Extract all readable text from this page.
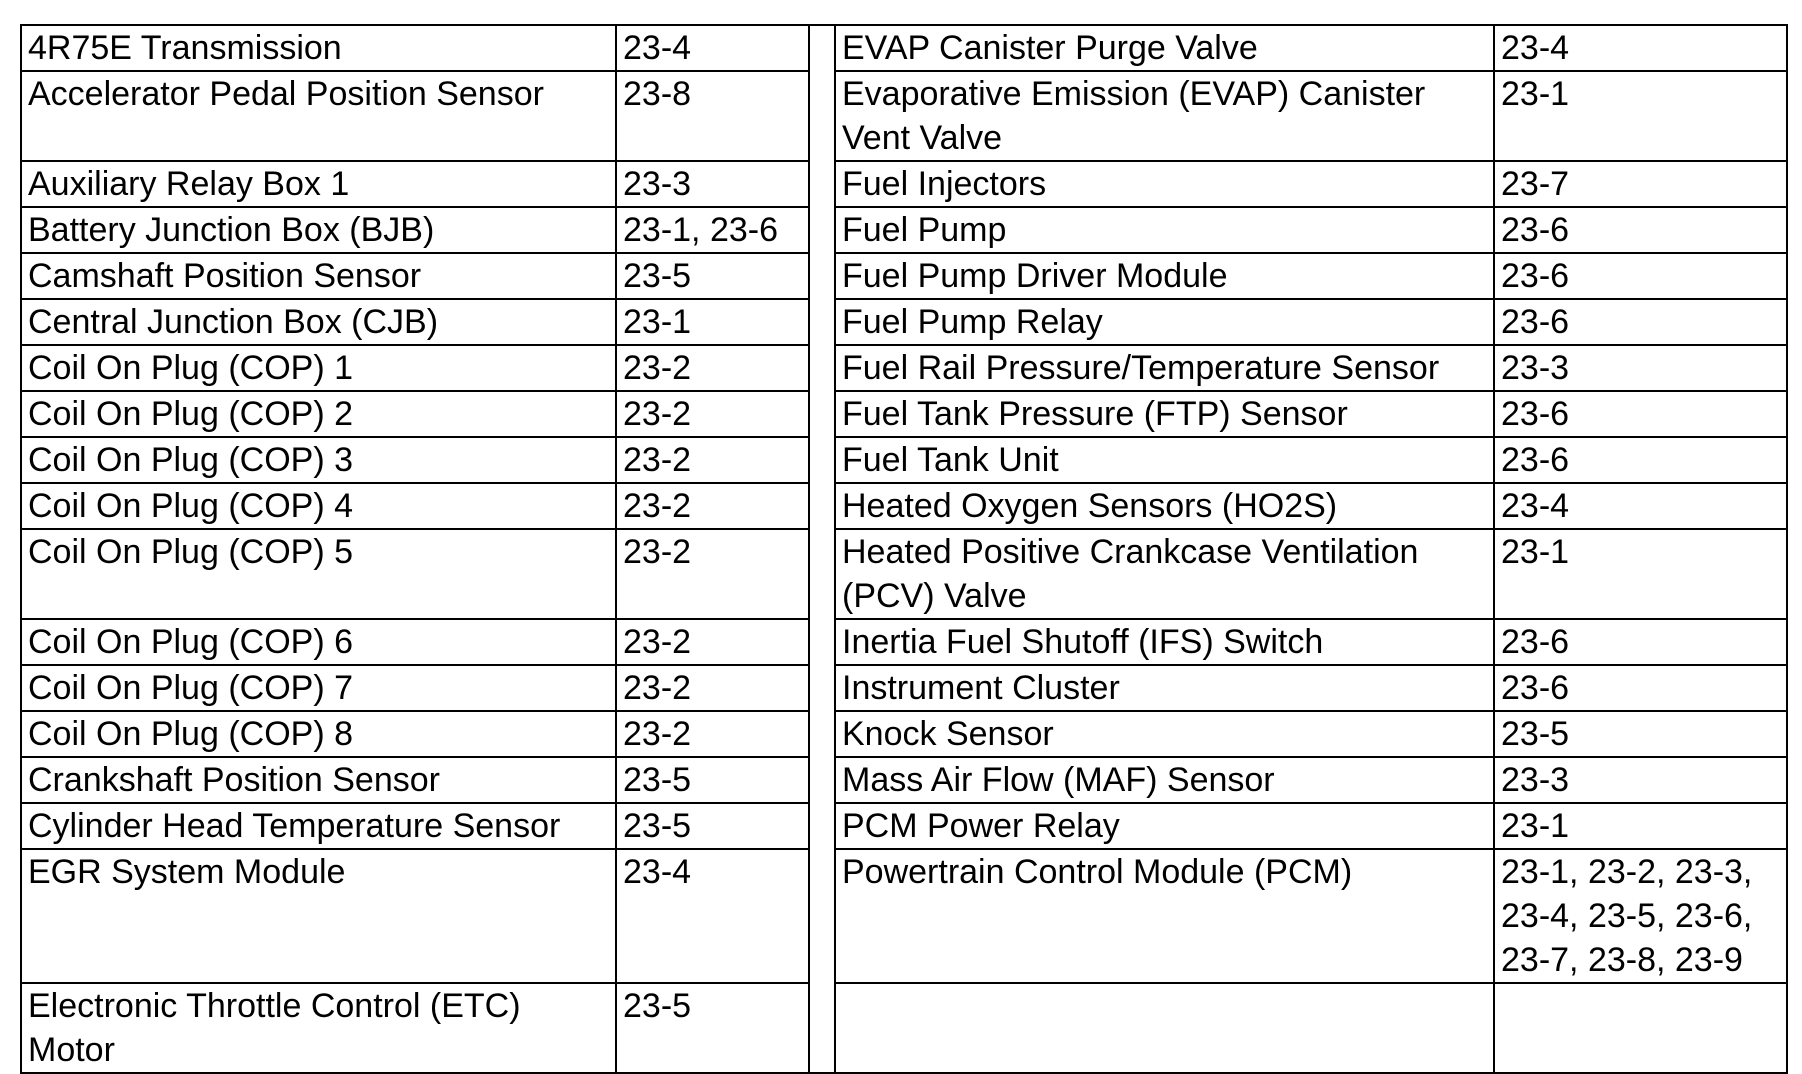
4R75E Transmission	23-4
Accelerator Pedal Position Sensor	23-8
Auxiliary Relay Box 1	23-3
Battery Junction Box (BJB)	23-1, 23-6
Camshaft Position Sensor	23-5
Central Junction Box (CJB)	23-1
Coil On Plug (COP) 1	23-2
Coil On Plug (COP) 2	23-2
Coil On Plug (COP) 3	23-2
Coil On Plug (COP) 4	23-2
Coil On Plug (COP) 5	23-2
Coil On Plug (COP) 6	23-2
Coil On Plug (COP) 7	23-2
Coil On Plug (COP) 8	23-2
Crankshaft Position Sensor	23-5
Cylinder Head Temperature Sensor	23-5
EGR System Module	23-4
Electronic Throttle Control (ETC) Motor	23-5
EVAP Canister Purge Valve	23-4
Evaporative Emission (EVAP) Canister Vent Valve	23-1
Fuel Injectors	23-7
Fuel Pump	23-6
Fuel Pump Driver Module	23-6
Fuel Pump Relay	23-6
Fuel Rail Pressure/Temperature Sensor	23-3
Fuel Tank Pressure (FTP) Sensor	23-6
Fuel Tank Unit	23-6
Heated Oxygen Sensors (HO2S)	23-4
Heated Positive Crankcase Ventilation (PCV) Valve	23-1
Inertia Fuel Shutoff (IFS) Switch	23-6
Instrument Cluster	23-6
Knock Sensor	23-5
Mass Air Flow (MAF) Sensor	23-3
PCM Power Relay	23-1
Powertrain Control Module (PCM)	23-1, 23-2, 23-3, 23-4, 23-5, 23-6, 23-7, 23-8, 23-9
